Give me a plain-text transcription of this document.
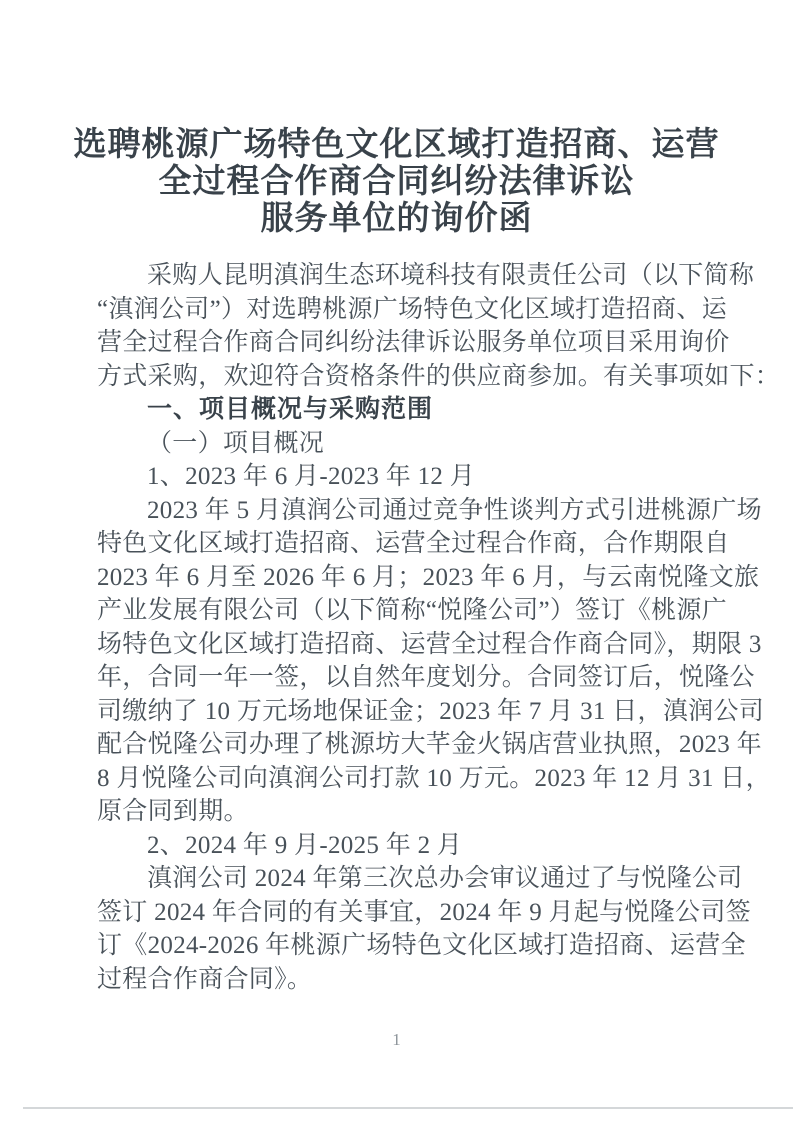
选聘桃源广场特色文化区域打造招商、运营
全过程合作商合同纠纷法律诉讼
服务单位的询价函
采购人昆明滇润生态环境科技有限责任公司（以下简称
“滇润公司”）对选聘桃源广场特色文化区域打造招商、运
营全过程合作商合同纠纷法律诉讼服务单位项目采用询价
方式采购，欢迎符合资格条件的供应商参加。有关事项如下：
一、项目概况与采购范围
（一）项目概况
1、2023 年 6 月-2023 年 12 月
2023 年 5 月滇润公司通过竞争性谈判方式引进桃源广场
特色文化区域打造招商、运营全过程合作商，合作期限自
2023 年 6 月至 2026 年 6 月；2023 年 6 月，与云南悦隆文旅
产业发展有限公司（以下简称“悦隆公司”）签订《桃源广
场特色文化区域打造招商、运营全过程合作商合同》，期限 3
年，合同一年一签，以自然年度划分。合同签订后，悦隆公
司缴纳了 10 万元场地保证金；2023 年 7 月 31 日，滇润公司
配合悦隆公司办理了桃源坊大芊金火锅店营业执照，2023 年
8 月悦隆公司向滇润公司打款 10 万元。2023 年 12 月 31 日，
原合同到期。
2、2024 年 9 月-2025 年 2 月
滇润公司 2024 年第三次总办会审议通过了与悦隆公司
签订 2024 年合同的有关事宜，2024 年 9 月起与悦隆公司签
订《2024-2026 年桃源广场特色文化区域打造招商、运营全
过程合作商合同》。
1
